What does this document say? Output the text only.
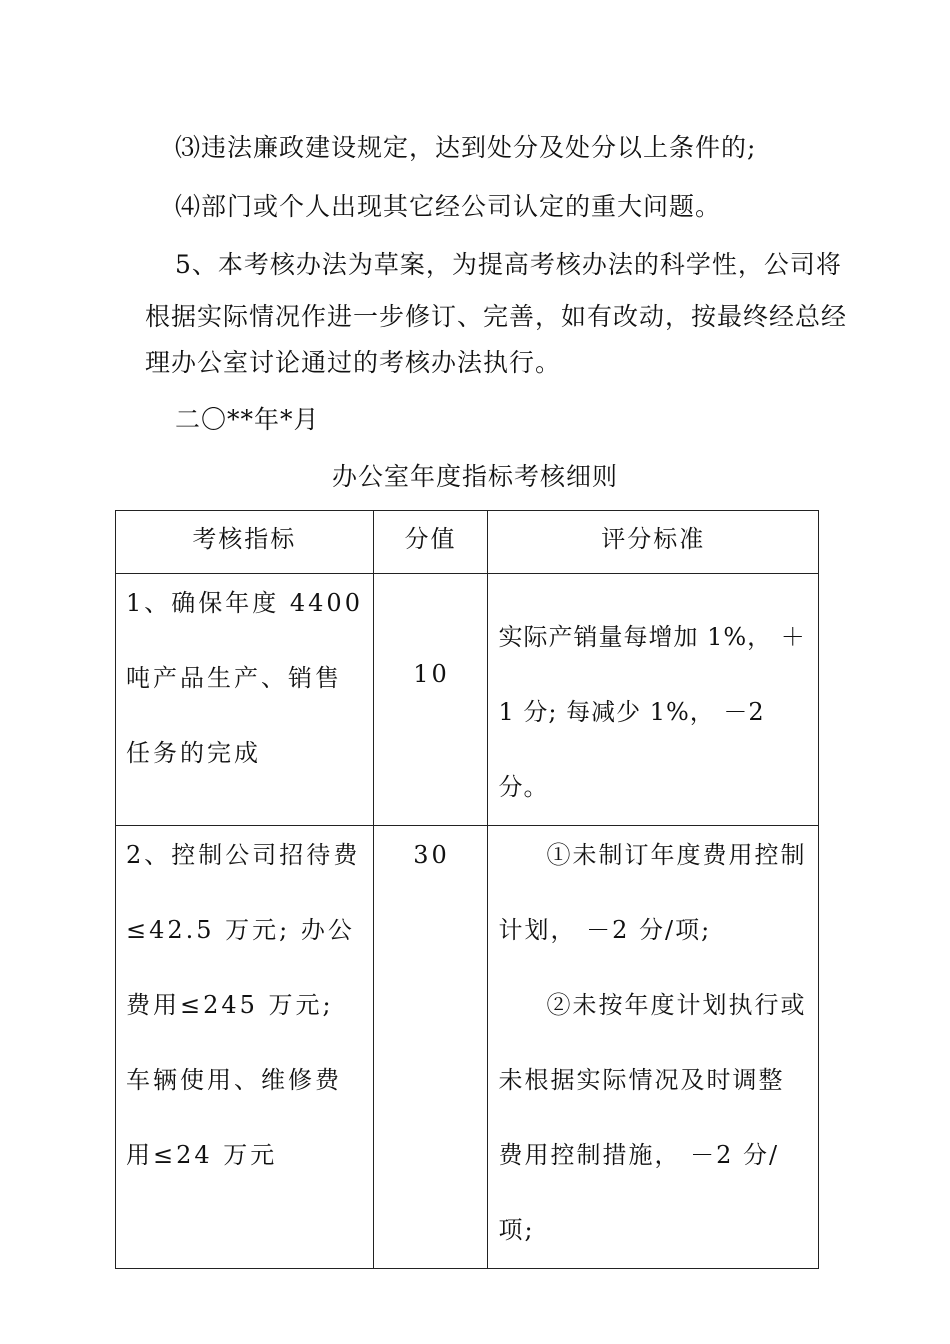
⑶违法廉政建设规定，达到处分及处分以上条件的;
⑷部门或个人出现其它经公司认定的重大问题。
5、本考核办法为草案，为提高考核办法的科学性，公司将
根据实际情况作进一步修订、完善，如有改动，按最终经总经
理办公室讨论通过的考核办法执行。
二〇**年*月
办公室年度指标考核细则
考核指标	分值	评分标准

1、确保年度 4400 吨产品生产、销售任务的完成	10	实际产销量每增加 1%， ＋1 分; 每减少 1%， －2 分。

2、控制公司招待费≤42.5 万元; 办公费用≤245 万元; 车辆使用、维修费用≤24 万元	30	①未制订年度费用控制计划， －2 分/项;
②未按年度计划执行或未根据实际情况及时调整费用控制措施， －2 分/项;
